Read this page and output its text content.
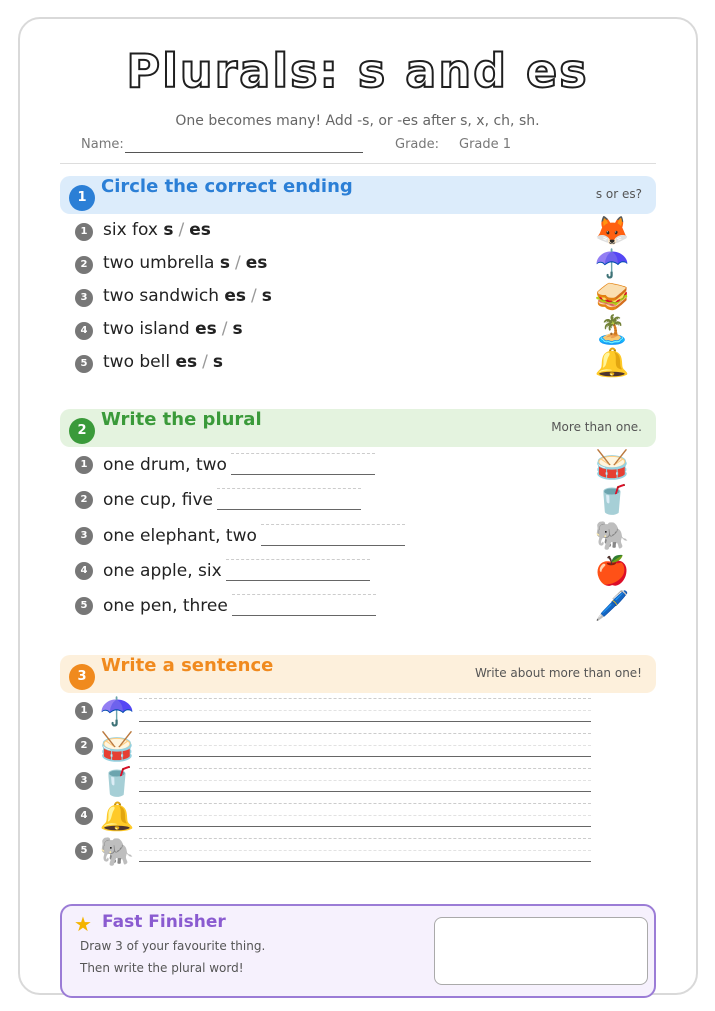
Plurals: s and es
One becomes many! Add -s, or -es after s, x, ch, sh.
Name:	Grade: Grade 1
1
Circle the correct ending	s or es?
1 six fox s / es	🦊
2 two umbrella s / es	☂️
3 two sandwich es / s	🥪
4 two island es / s	🏝️
5 two bell es / s	🔔
2
Write the plural	More than one.
1 one drum, two	🥁
2 one cup, five	🥤
3 one elephant, two	🐘
4 one apple, six	🍎
5 one pen, three	🖊️
3
Write a sentence	Write about more than one!
1 ☂️
2 🥁
3 🥤
4 🔔
5 🐘
★ Fast Finisher
Draw 3 of your favourite thing.
Then write the plural word!
